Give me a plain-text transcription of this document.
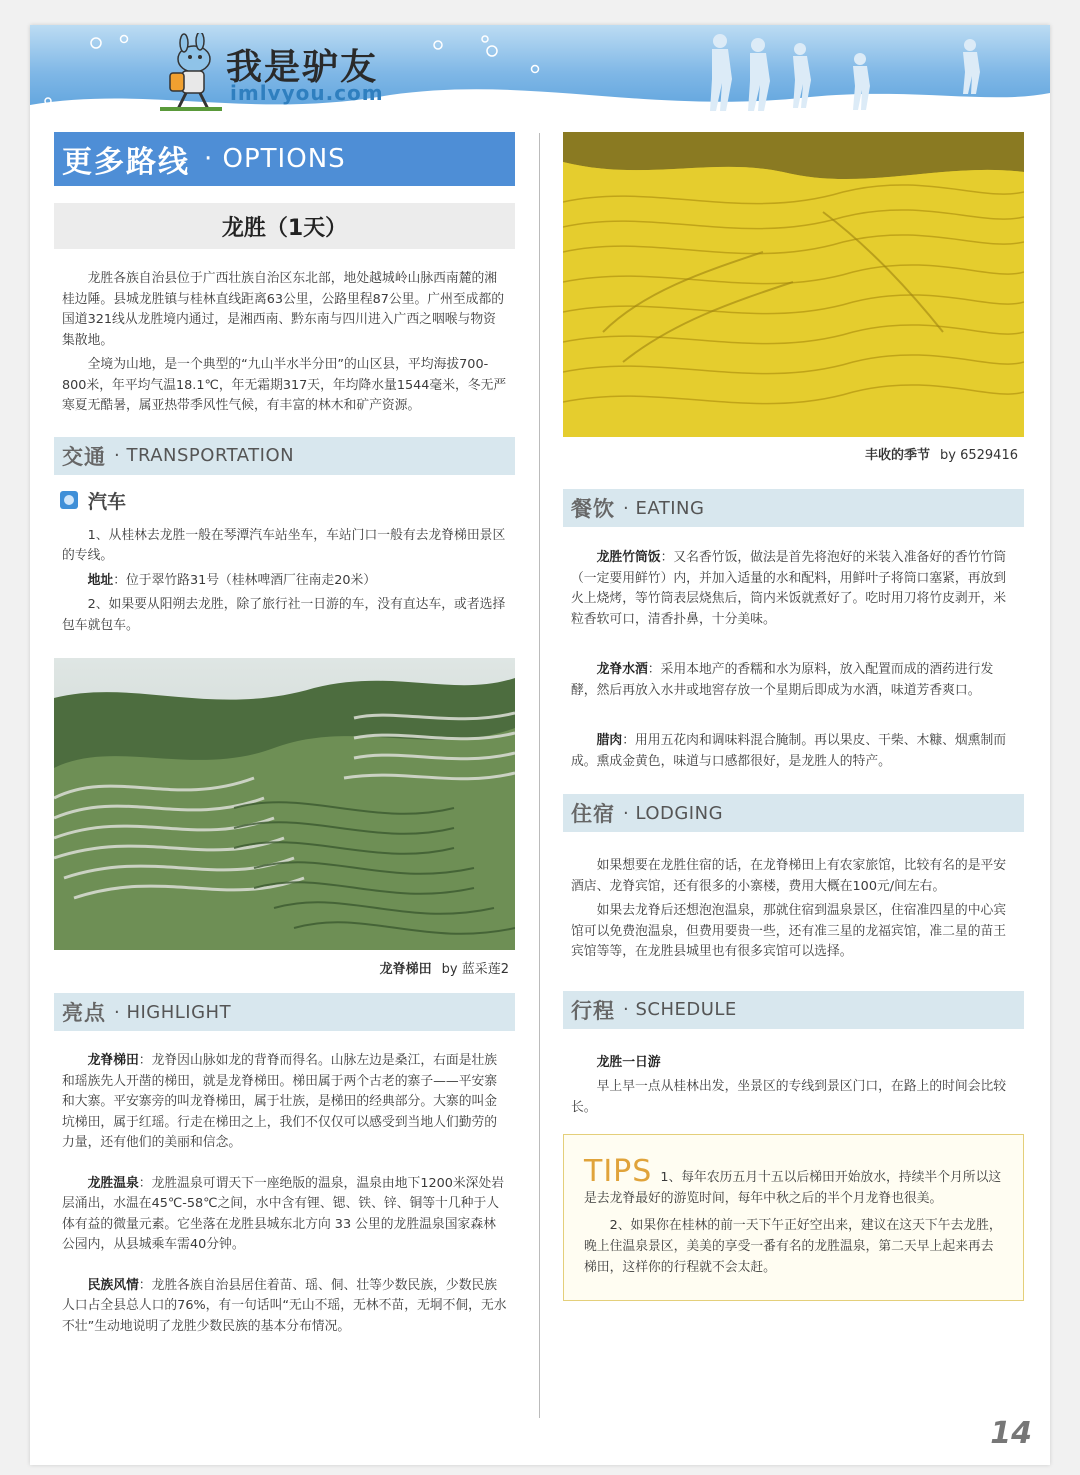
我是驴友
imlvyou.com
更多路线 · OPTIONS
龙胜（1天）

龙胜各族自治县位于广西壮族自治区东北部，地处越城岭山脉西南麓的湘桂边陲。县城龙胜镇与桂林直线距离63公里，公路里程87公里。广州至成都的国道321线从龙胜境内通过，是湘西南、黔东南与四川进入广西之咽喉与物资集散地。

全境为山地，是一个典型的“九山半水半分田”的山区县，平均海拔700-800米，年平均气温18.1℃，年无霜期317天，年均降水量1544毫米，冬无严寒夏无酷暑，属亚热带季风性气候，有丰富的林木和矿产资源。

交通 · TRANSPORTATION
汽车

1、从桂林去龙胜一般在琴潭汽车站坐车，车站门口一般有去龙脊梯田景区的专线。

地址：位于翠竹路31号（桂林啤酒厂往南走20米）

2、如果要从阳朔去龙胜，除了旅行社一日游的车，没有直达车，或者选择包车就包车。

龙脊梯田 by 蓝采莲2
亮点 · HIGHLIGHT

龙脊梯田：龙脊因山脉如龙的背脊而得名。山脉左边是桑江，右面是壮族和瑶族先人开凿的梯田，就是龙脊梯田。梯田属于两个古老的寨子——平安寨和大寨。平安寨旁的叫龙脊梯田，属于壮族，是梯田的经典部分。大寨的叫金坑梯田，属于红瑶。行走在梯田之上，我们不仅仅可以感受到当地人们勤劳的力量，还有他们的美丽和信念。

龙胜温泉：龙胜温泉可谓天下一座绝版的温泉，温泉由地下1200米深处岩层涌出，水温在45℃-58℃之间，水中含有锂、锶、铁、锌、铜等十几种于人体有益的微量元素。它坐落在龙胜县城东北方向 33 公里的龙胜温泉国家森林公园内，从县城乘车需40分钟。

民族风情：龙胜各族自治县居住着苗、瑶、侗、壮等少数民族，少数民族人口占全县总人口的76%，有一句话叫“无山不瑶，无林不苗，无垌不侗，无水不壮”生动地说明了龙胜少数民族的基本分布情况。

丰收的季节 by 6529416
餐饮 · EATING

龙胜竹筒饭：又名香竹饭，做法是首先将泡好的米装入准备好的香竹竹筒（一定要用鲜竹）内，并加入适量的水和配料，用鲜叶子将筒口塞紧，再放到火上烧烤，等竹筒表层烧焦后，筒内米饭就煮好了。吃时用刀将竹皮剥开，米粒香软可口，清香扑鼻，十分美味。

龙脊水酒：采用本地产的香糯和水为原料，放入配置而成的酒药进行发酵，然后再放入水井或地窖存放一个星期后即成为水酒，味道芳香爽口。

腊肉：用用五花肉和调味料混合腌制。再以果皮、干柴、木糠、烟熏制而成。熏成金黄色，味道与口感都很好，是龙胜人的特产。

住宿 · LODGING

如果想要在龙胜住宿的话，在龙脊梯田上有农家旅馆，比较有名的是平安酒店、龙脊宾馆，还有很多的小寨楼，费用大概在100元/间左右。

如果去龙脊后还想泡泡温泉，那就住宿到温泉景区，住宿准四星的中心宾馆可以免费泡温泉，但费用要贵一些，还有准三星的龙福宾馆，准二星的苗王宾馆等等，在龙胜县城里也有很多宾馆可以选择。

行程 · SCHEDULE

龙胜一日游

早上早一点从桂林出发，坐景区的专线到景区门口，在路上的时间会比较长。

TIPS 1、每年农历五月十五以后梯田开始放水，持续半个月所以这是去龙脊最好的游览时间，每年中秋之后的半个月龙脊也很美。

2、如果你在桂林的前一天下午正好空出来，建议在这天下午去龙胜，晚上住温泉景区，美美的享受一番有名的龙胜温泉，第二天早上起来再去梯田，这样你的行程就不会太赶。

14
